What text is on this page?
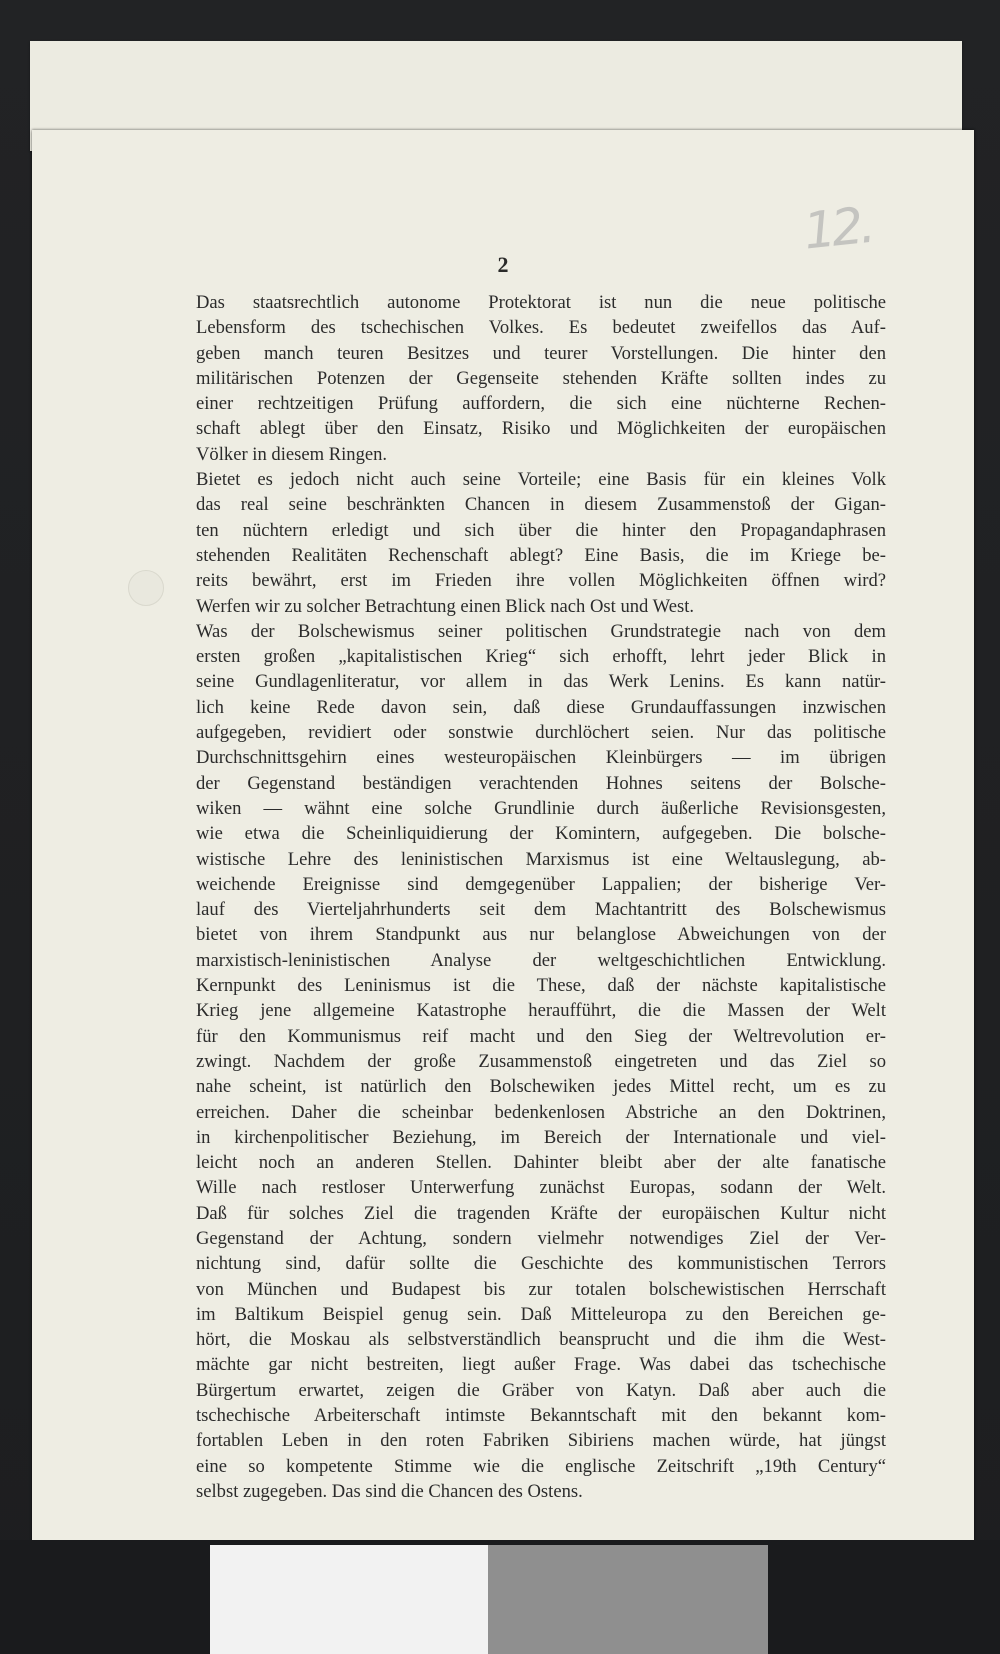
12.
2
Das staatsrechtlich autonome Protektorat ist nun die neue politische
Lebensform des tschechischen Volkes. Es bedeutet zweifellos das Auf-
geben manch teuren Besitzes und teurer Vorstellungen. Die hinter den
militärischen Potenzen der Gegenseite stehenden Kräfte sollten indes zu
einer rechtzeitigen Prüfung auffordern, die sich eine nüchterne Rechen-
schaft ablegt über den Einsatz, Risiko und Möglichkeiten der europäischen
Völker in diesem Ringen.
Bietet es jedoch nicht auch seine Vorteile; eine Basis für ein kleines Volk
das real seine beschränkten Chancen in diesem Zusammenstoß der Gigan-
ten nüchtern erledigt und sich über die hinter den Propagandaphrasen
stehenden Realitäten Rechenschaft ablegt? Eine Basis, die im Kriege be-
reits bewährt, erst im Frieden ihre vollen Möglichkeiten öffnen wird?
Werfen wir zu solcher Betrachtung einen Blick nach Ost und West.
Was der Bolschewismus seiner politischen Grundstrategie nach von dem
ersten großen „kapitalistischen Krieg“ sich erhofft, lehrt jeder Blick in
seine Gundlagenliteratur, vor allem in das Werk Lenins. Es kann natür-
lich keine Rede davon sein, daß diese Grundauffassungen inzwischen
aufgegeben, revidiert oder sonstwie durchlöchert seien. Nur das politische
Durchschnittsgehirn eines westeuropäischen Kleinbürgers — im übrigen
der Gegenstand beständigen verachtenden Hohnes seitens der Bolsche-
wiken — wähnt eine solche Grundlinie durch äußerliche Revisionsgesten,
wie etwa die Scheinliquidierung der Komintern, aufgegeben. Die bolsche-
wistische Lehre des leninistischen Marxismus ist eine Weltauslegung, ab-
weichende Ereignisse sind demgegenüber Lappalien; der bisherige Ver-
lauf des Vierteljahrhunderts seit dem Machtantritt des Bolschewismus
bietet von ihrem Standpunkt aus nur belanglose Abweichungen von der
marxistisch-leninistischen Analyse der weltgeschichtlichen Entwicklung.
Kernpunkt des Leninismus ist die These, daß der nächste kapitalistische
Krieg jene allgemeine Katastrophe heraufführt, die die Massen der Welt
für den Kommunismus reif macht und den Sieg der Weltrevolution er-
zwingt. Nachdem der große Zusammenstoß eingetreten und das Ziel so
nahe scheint, ist natürlich den Bolschewiken jedes Mittel recht, um es zu
erreichen. Daher die scheinbar bedenkenlosen Abstriche an den Doktrinen,
in kirchenpolitischer Beziehung, im Bereich der Internationale und viel-
leicht noch an anderen Stellen. Dahinter bleibt aber der alte fanatische
Wille nach restloser Unterwerfung zunächst Europas, sodann der Welt.
Daß für solches Ziel die tragenden Kräfte der europäischen Kultur nicht
Gegenstand der Achtung, sondern vielmehr notwendiges Ziel der Ver-
nichtung sind, dafür sollte die Geschichte des kommunistischen Terrors
von München und Budapest bis zur totalen bolschewistischen Herrschaft
im Baltikum Beispiel genug sein. Daß Mitteleuropa zu den Bereichen ge-
hört, die Moskau als selbstverständlich beansprucht und die ihm die West-
mächte gar nicht bestreiten, liegt außer Frage. Was dabei das tschechische
Bürgertum erwartet, zeigen die Gräber von Katyn. Daß aber auch die
tschechische Arbeiterschaft intimste Bekanntschaft mit den bekannt kom-
fortablen Leben in den roten Fabriken Sibiriens machen würde, hat jüngst
eine so kompetente Stimme wie die englische Zeitschrift „19th Century“
selbst zugegeben. Das sind die Chancen des Ostens.
